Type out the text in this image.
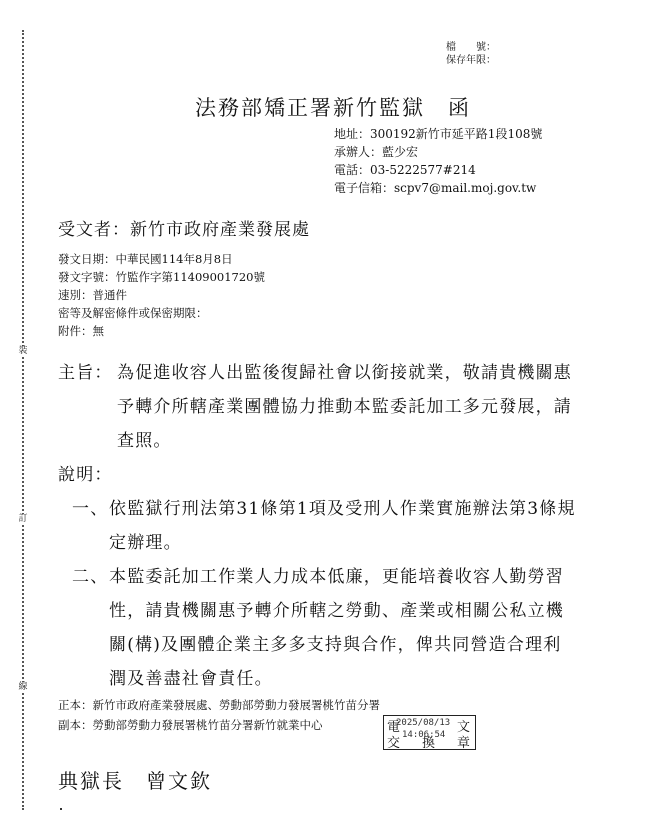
裝
訂
線
檔　　號：
保存年限：
法務部矯正署新竹監獄　函
地址：300192新竹市延平路1段108號
承辦人：藍少宏
電話：03-5222577#214
電子信箱：scpv7@mail.moj.gov.tw
受文者：新竹市政府產業發展處
發文日期：中華民國114年8月8日
發文字號：竹監作字第11409001720號
速別：普通件
密等及解密條件或保密期限：
附件：無
主旨： 為促進收容人出監後復歸社會以銜接就業，敬請貴機關惠
予轉介所轄產業團體協力推動本監委託加工多元發展，請
查照。
說明：
一、 依監獄行刑法第31條第1項及受刑人作業實施辦法第3條規
定辦理。
二、 本監委託加工作業人力成本低廉，更能培養收容人勤勞習
性，請貴機關惠予轉介所轄之勞動、產業或相關公私立機
關(構)及團體企業主多多支持與合作，俾共同營造合理利
潤及善盡社會責任。
正本：新竹市政府產業發展處、勞動部勞動力發展署桃竹苗分署
副本：勞動部勞動力發展署桃竹苗分署新竹就業中心	電	文
交 換 章
2025/08/13
14:06:54
典獄長　曾文欽
